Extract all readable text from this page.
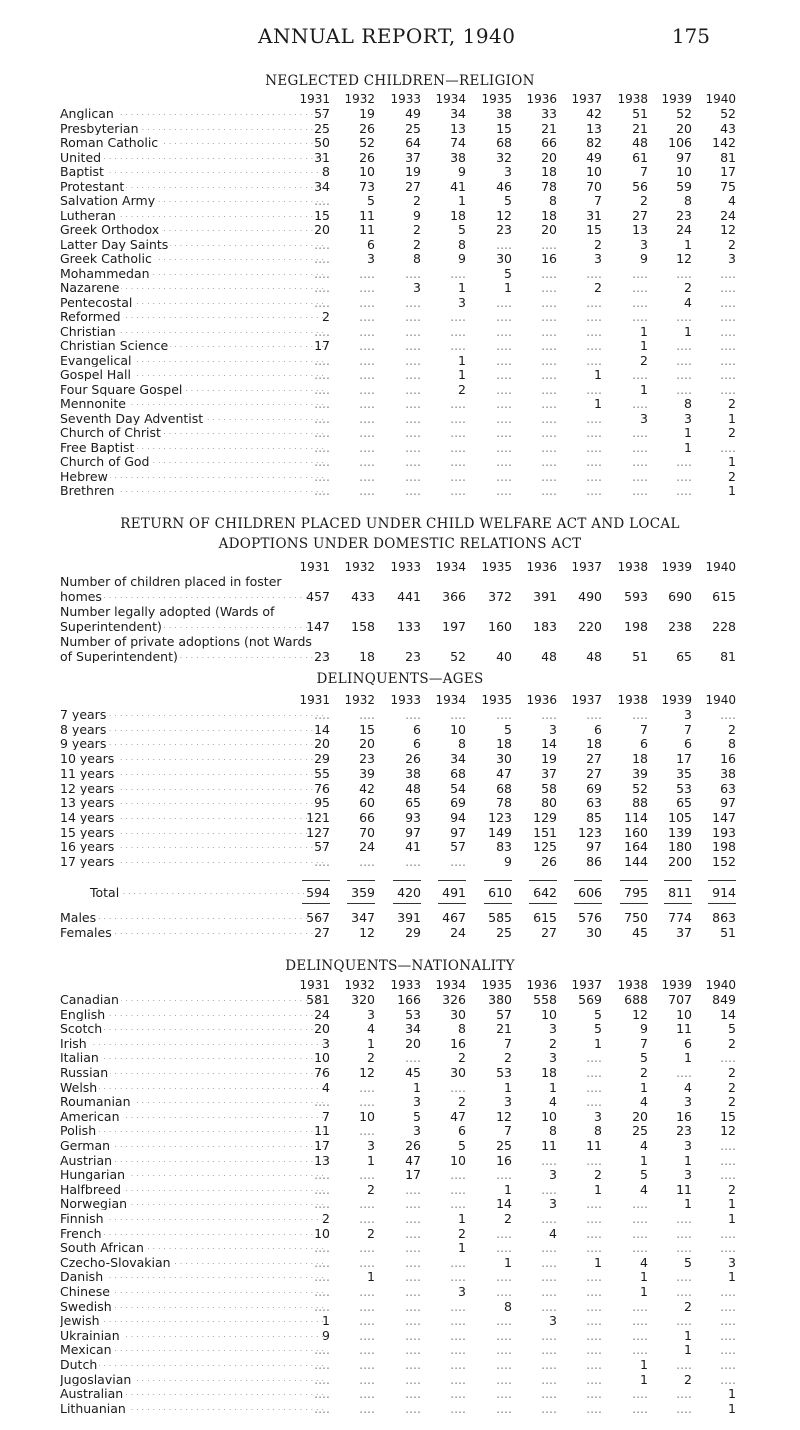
ANNUAL REPORT, 1940	175
NEGLECTED CHILDREN—RELIGION
1931	1932	1933	1934	1935	1936	1937	1938	1939	1940
Anglican . . .	57	19	49	34	38	33	42	51	52	52
Presbyterian . . .	25	26	25	13	15	21	13	21	20	43
Roman Catholic . . .	50	52	64	74	68	66	82	48	106	142
United . . .	31	26	37	38	32	20	49	61	97	81
Baptist . . .	8	10	19	9	3	18	10	7	10	17
Protestant . . .	34	73	27	41	46	78	70	56	59	75
Salvation Army . . .	....	5	2	1	5	8	7	2	8	4
Lutheran . . .	15	11	9	18	12	18	31	27	23	24
Greek Orthodox . . .	20	11	2	5	23	20	15	13	24	12
Latter Day Saints . . .	....	6	2	8	....	....	2	3	1	2
Greek Catholic . . .	....	3	8	9	30	16	3	9	12	3
Mohammedan . . .	....	....	....	....	5	....	....	....	....	....
Nazarene . . .	....	....	3	1	1	....	2	....	2	....
Pentecostal . . .	....	....	....	3	....	....	....	....	4	....
Reformed . . .	2	....	....	....	....	....	....	....	....	....
Christian . . .	....	....	....	....	....	....	....	1	1	....
Christian Science . . .	17	....	....	....	....	....	....	1	....	....
Evangelical . . .	....	....	....	1	....	....	....	2	....	....
Gospel Hall . . .	....	....	....	1	....	....	1	....	....	....
Four Square Gospel . . .	....	....	....	2	....	....	....	1	....	....
Mennonite . . .	....	....	....	....	....	....	1	....	8	2
Seventh Day Adventist . . .	....	....	....	....	....	....	....	3	3	1
Church of Christ . . .	....	....	....	....	....	....	....	....	1	2
Free Baptist . . .	....	....	....	....	....	....	....	....	1	....
Church of God . . .	....	....	....	....	....	....	....	....	....	1
Hebrew . . .	....	....	....	....	....	....	....	....	....	2
Brethren . . .	....	....	....	....	....	....	....	....	....	1
RETURN OF CHILDREN PLACED UNDER CHILD WELFARE ACT AND LOCAL
ADOPTIONS UNDER DOMESTIC RELATIONS ACT
1931	1932	1933	1934	1935	1936	1937	1938	1939	1940
Number of children placed in foster
homes . . .	457	433	441	366	372	391	490	593	690	615
Number legally adopted (Wards of
Superintendent) . . .	147	158	133	197	160	183	220	198	238	228
Number of private adoptions (not Wards
of Superintendent) . . .	23	18	23	52	40	48	48	51	65	81
DELINQUENTS—AGES
1931	1932	1933	1934	1935	1936	1937	1938	1939	1940
7 years . . .	....	....	....	....	....	....	....	....	3	....
8 years . . .	14	15	6	10	5	3	6	7	7	2
9 years . . .	20	20	6	8	18	14	18	6	6	8
10 years . . .	29	23	26	34	30	19	27	18	17	16
11 years . . .	55	39	38	68	47	37	27	39	35	38
12 years . . .	76	42	48	54	68	58	69	52	53	63
13 years . . .	95	60	65	69	78	80	63	88	65	97
14 years . . .	121	66	93	94	123	129	85	114	105	147
15 years . . .	127	70	97	97	149	151	123	160	139	193
16 years . . .	57	24	41	57	83	125	97	164	180	198
17 years . . .	....	....	....	....	9	26	86	144	200	152
Total . . .	594	359	420	491	610	642	606	795	811	914
Males . . .	567	347	391	467	585	615	576	750	774	863
Females . . .	27	12	29	24	25	27	30	45	37	51
DELINQUENTS—NATIONALITY
1931	1932	1933	1934	1935	1936	1937	1938	1939	1940
Canadian . . .	581	320	166	326	380	558	569	688	707	849
English . . .	24	3	53	30	57	10	5	12	10	14
Scotch . . .	20	4	34	8	21	3	5	9	11	5
Irish . . .	3	1	20	16	7	2	1	7	6	2
Italian . . .	10	2	....	2	2	3	....	5	1	....
Russian . . .	76	12	45	30	53	18	....	2	....	2
Welsh . . .	4	....	1	....	1	1	....	1	4	2
Roumanian . . .	....	....	3	2	3	4	....	4	3	2
American . . .	7	10	5	47	12	10	3	20	16	15
Polish . . .	11	....	3	6	7	8	8	25	23	12
German . . .	17	3	26	5	25	11	11	4	3	....
Austrian . . .	13	1	47	10	16	....	....	1	1	....
Hungarian . . .	....	....	17	....	....	3	2	5	3	....
Halfbreed . . .	....	2	....	....	1	....	1	4	11	2
Norwegian . . .	....	....	....	....	14	3	....	....	1	1
Finnish . . .	2	....	....	1	2	....	....	....	....	1
French . . .	10	2	....	2	....	4	....	....	....	....
South African . . .	....	....	....	1	....	....	....	....	....	....
Czecho-Slovakian . . .	....	....	....	....	1	....	1	4	5	3
Danish . . .	....	1	....	....	....	....	....	1	....	1
Chinese . . .	....	....	....	3	....	....	....	1	....	....
Swedish . . .	....	....	....	....	8	....	....	....	2	....
Jewish . . .	1	....	....	....	....	3	....	....	....	....
Ukrainian . . .	9	....	....	....	....	....	....	....	1	....
Mexican . . .	....	....	....	....	....	....	....	....	1	....
Dutch . . .	....	....	....	....	....	....	....	1	....	....
Jugoslavian . . .	....	....	....	....	....	....	....	1	2	....
Australian . . .	....	....	....	....	....	....	....	....	....	1
Lithuanian . . .	....	....	....	....	....	....	....	....	....	1
